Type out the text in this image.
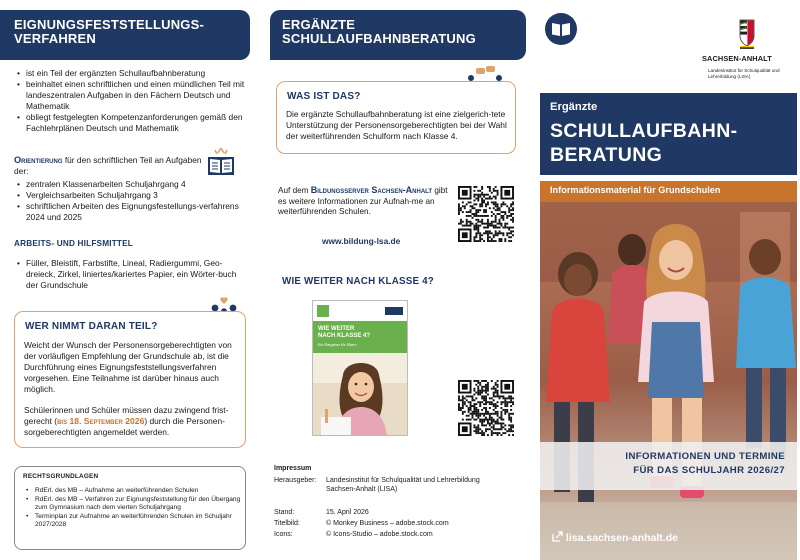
EIGNUNGSFESTSTELLUNGS-
VERFAHREN
• ist ein Teil der ergänzten Schullaufbahnberatung
• beinhaltet einen schriftlichen und einen mündlichen Teil mit landeszentralen Aufgaben in den Fächern Deutsch und Mathematik
• obliegt festgelegten Kompetenzanforderungen gemäß den Fachlehrplänen Deutsch und Mathematik
Orientierung für den schriftlichen Teil an Aufgaben der:
• zentralen Klassenarbeiten Schuljahrgang 4
• Vergleichsarbeiten Schuljahrgang 3
• schriftlichen Arbeiten des Eignungsfestellungs-verfahrens 2024 und 2025
ARBEITS- UND HILFSMITTEL
• Füller, Bleistift, Farbstifte, Lineal, Radiergummi, Geo-dreieck, Zirkel, liniertes/kariertes Papier, ein Wörter-buch der Grundschule
WER NIMMT DARAN TEIL?

Weicht der Wunsch der Personensorgeberechtigten von der vorläufigen Empfehlung der Grundschule ab, ist die Durchführung eines Eignungsfeststellungsverfahren vorgesehen. Eine Teilnahme ist darüber hinaus auch möglich.

Schülerinnen und Schüler müssen dazu zwingend frist-gerecht (bis 18. September 2026) durch die Personen-sorgeberechtigten angemeldet werden.

RECHTSGRUNDLAGEN
• RdErl. des MB – Aufnahme an weiterführenden Schulen
• RdErl. des MB – Verfahren zur Eignungsfeststellung für den Übergang zum Gymnasium nach dem vierten Schuljahrgang
• Terminplan zur Aufnahme an weiterführenden Schulen im Schuljahr 2027/2028
ERGÄNZTE
SCHULLAUFBAHNBERATUNG
WAS IST DAS?

Die ergänzte Schullaufbahnberatung ist eine zielgerich-tete Unterstützung der Personensorgeberechtigten bei der Wahl der weiterführenden Schulform nach Klasse 4.

Auf dem Bildungsserver Sachsen-Anhalt gibt es weitere Informationen zur Aufnah-me an weiterführenden Schulen.
www.bildung-lsa.de
WIE WEITER NACH KLASSE 4?
WIE WEITER
NACH KLASSE 4?
Ein Ratgeber für Eltern
Impressum
Herausgeber: Landesinstitut für Schulqualität und Lehrerbildung
Sachsen-Anhalt (LISA)
Stand:	15. April 2026
Titelbild:	© Monkey Business – adobe.stock.com
Icons:	© Icons-Studio – adobe.stock.com
SACHSEN-ANHALT
Landesinstitut für Schulqualität und Lehrerbildung (LISA)
Ergänzte
SCHULLAUFBAHN-
BERATUNG
Informationsmaterial für Grundschulen
INFORMATIONEN UND TERMINE
FÜR DAS SCHULJAHR 2026/27
lisa.sachsen-anhalt.de
